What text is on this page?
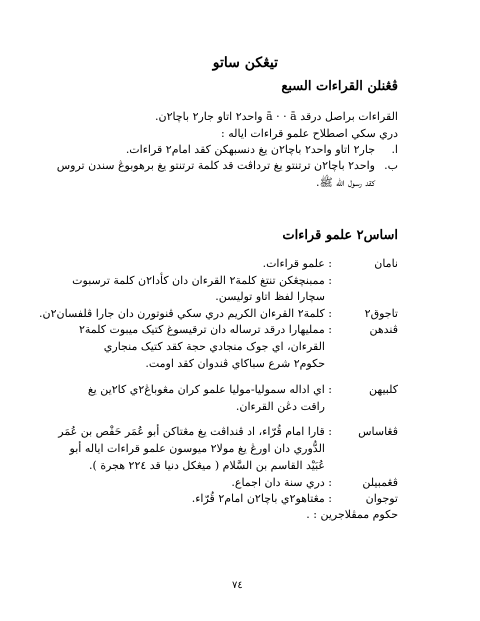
تيڠكن ساتو
ڤڠنلن القراءات السبع
القراءات براصل درقد ā · · ā واحد٢ اتاو جار٢ باچا٢ن.
دري سکي اصطلاح علمو قراءات اياله :
ا.
جار٢ اتاو واحد٢ باچا٢ن يغ دنسبهکن کقد امام٢ قراءات.
ب.
واحد٢ باچا٢ن ترتنتو يغ ترداڤت قد کلمة ترتنتو يغ برهوبوڠ سندن تروس
کقد رسول الله ﷺ.
اساس٢ علمو قراءات
نامان
: علمو قراءات.
: ممبنچڠکن تنتغ کلمة٢ القرءان دان کأدا٢ن کلمة ترسبوت
سچارا لفظ اتاو تولیسن.
تاجوق٢
: کلمة٢ القرءان الکريم دري سکي ڤنوتورن دان جارا ڤلفسان٢ن.
ڤندهن
: ممليهارا درقد ترسالە دان ترقيسوغ کتيک ميبوت کلمة٢
القرءان، اي جوک منجادي حجة کقد کتيک منجاري
حکوم٢ شرع سباکاي ڤندوان کقد اومت.
کلبيهن
: اي اداله سمولیا-مولیا علمو کران مڠوباڠ٢ي کا٢ين يغ
راقت دڠن القرءان.
ڤڠاساس
: قارا امام قُرّاء، اد ڤنداڤت يغ مڠتاکن أبو عُمَر حَفْص بن عُمَر
الدُّوري دان اورڠ يغ مولا٢ ميوسون علمو قراءات اياله أبو
عُبَيْد القاسم بن السَّلام ( ميڠکل دنيا قد ٢٢٤ هجرة ).
ڤڠمبيلن
: دري سنة دان اجماع.
توجوان
: مڠتاهو٢ي باچا٢ن امام٢ قُرّاء.
حکوم ممڤلاجرين : .
٧٤
